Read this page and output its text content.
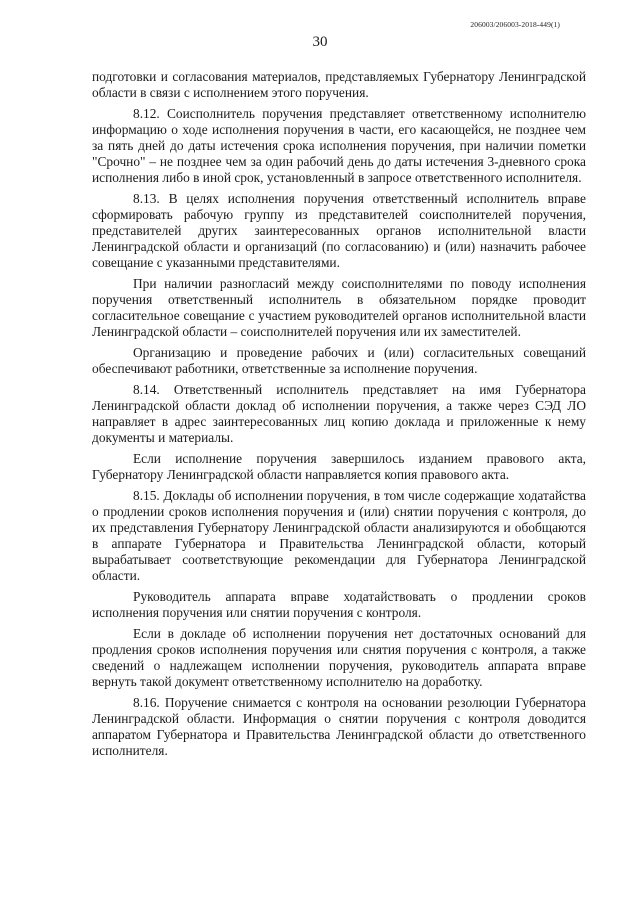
206003/206003-2018-449(1)
30

подготовки и согласования материалов, представляемых Губернатору Ленинградской области в связи с исполнением этого поручения.

8.12. Соисполнитель поручения представляет ответственному исполнителю информацию о ходе исполнения поручения в части, его касающейся, не позднее чем за пять дней до даты истечения срока исполнения поручения, при наличии пометки "Срочно" – не позднее чем за один рабочий день до даты истечения 3-дневного срока исполнения либо в иной срок, установленный в запросе ответственного исполнителя.

8.13. В целях исполнения поручения ответственный исполнитель вправе сформировать рабочую группу из представителей соисполнителей поручения, представителей других заинтересованных органов исполнительной власти Ленинградской области и организаций (по согласованию) и (или) назначить рабочее совещание с указанными представителями.

При наличии разногласий между соисполнителями по поводу исполнения поручения ответственный исполнитель в обязательном порядке проводит согласительное совещание с участием руководителей органов исполнительной власти Ленинградской области – соисполнителей поручения или их заместителей.

Организацию и проведение рабочих и (или) согласительных совещаний обеспечивают работники, ответственные за исполнение поручения.

8.14. Ответственный исполнитель представляет на имя Губернатора Ленинградской области доклад об исполнении поручения, а также через СЭД ЛО направляет в адрес заинтересованных лиц копию доклада и приложенные к нему документы и материалы.

Если исполнение поручения завершилось изданием правового акта, Губернатору Ленинградской области направляется копия правового акта.

8.15. Доклады об исполнении поручения, в том числе содержащие ходатайства о продлении сроков исполнения поручения и (или) снятии поручения с контроля, до их представления Губернатору Ленинградской области анализируются и обобщаются в аппарате Губернатора и Правительства Ленинградской области, который вырабатывает соответствующие рекомендации для Губернатора Ленинградской области.

Руководитель аппарата вправе ходатайствовать о продлении сроков исполнения поручения или снятии поручения с контроля.

Если в докладе об исполнении поручения нет достаточных оснований для продления сроков исполнения поручения или снятия поручения с контроля, а также сведений о надлежащем исполнении поручения, руководитель аппарата вправе вернуть такой документ ответственному исполнителю на доработку.

8.16. Поручение снимается с контроля на основании резолюции Губернатора Ленинградской области. Информация о снятии поручения с контроля доводится аппаратом Губернатора и Правительства Ленинградской области до ответственного исполнителя.
